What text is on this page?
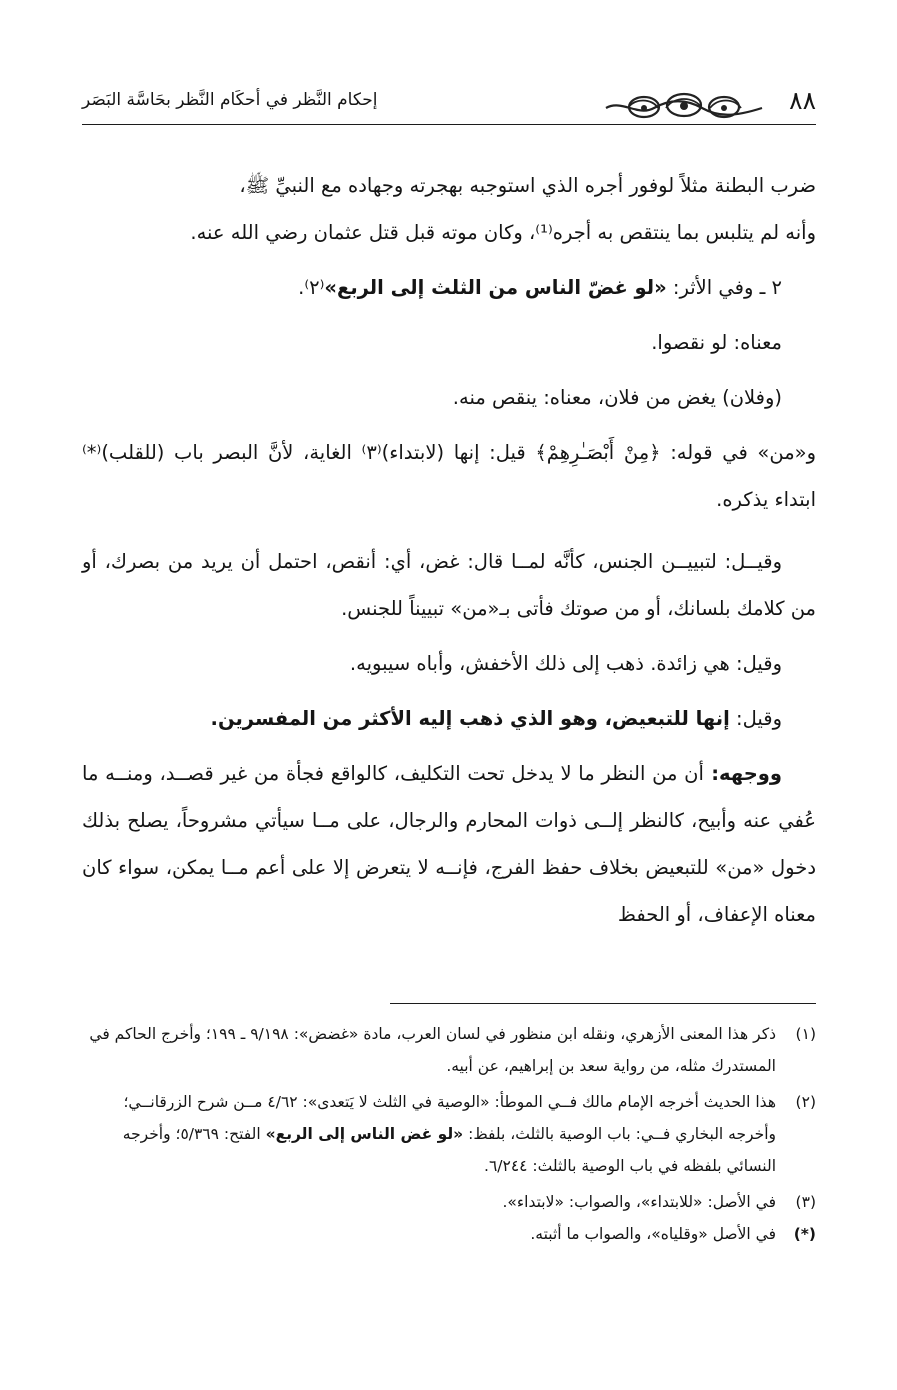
إحكام النَّظر في أحكَام النَّظر بحَاسَّة البَصَر	٨٨

ضرب البطنة مثلاً لوفور أجره الذي استوجبه بهجرته وجهاده مع النبيِّ ﷺ،
وأنه لم يتلبس بما ينتقص به أجره⁽¹⁾، وكان موته قبل قتل عثمان رضي الله عنه.

٢ ـ وفي الأثر: «لو غضّ الناس من الثلث إلى الربع»⁽٢⁾.

معناه: لو نقصوا.

(وفلان) يغض من فلان، معناه: ينقص منه.

و«من» في قوله: ﴿مِنْ أَبْصَـٰرِهِمْ﴾ قيل: إنها (لابتداء)⁽٣⁾ الغاية، لأنَّ البصر باب (للقلب)⁽*⁾ ابتداء يذكره.

وقيــل: لتبييــن الجنس، كأنَّه لمــا قال: غض، أي: أنقص، احتمل أن يريد من بصرك، أو من كلامك بلسانك، أو من صوتك فأتى بـ«من» تبييناً للجنس.

وقيل: هي زائدة. ذهب إلى ذلك الأخفش، وأباه سيبويه.

وقيل: إنها للتبعيض، وهو الذي ذهب إليه الأكثر من المفسرين.

ووجهه: أن من النظر ما لا يدخل تحت التكليف، كالواقع فجأة من غير قصــد، ومنــه ما عُفي عنه وأبيح، كالنظر إلــى ذوات المحارم والرجال، على مــا سيأتي مشروحاً، يصلح بذلك دخول «من» للتبعيض بخلاف حفظ الفرج، فإنــه لا يتعرض إلا على أعم مــا يمكن، سواء كان معناه الإعفاف، أو الحفظ

(١)
ذكر هذا المعنى الأزهري، ونقله ابن منظور في لسان العرب، مادة «غضض»: ٩/١٩٨ ـ ١٩٩؛ وأخرج الحاكم في المستدرك مثله، من رواية سعد بن إبراهيم، عن أبيه.

(٢)
هذا الحديث أخرجه الإمام مالك فــي الموطأ: «الوصية في الثلث لا يَتعدى»: ٤/٦٢ مــن شرح الزرقانــي؛ وأخرجه البخاري فــي: باب الوصية بالثلث، بلفظ: «لو غض الناس إلى الربع» الفتح: ٥/٣٦٩؛ وأخرجه النسائي بلفظه في باب الوصية بالثلث: ٦/٢٤٤.

(٣)
في الأصل: «للابتداء»، والصواب: «لابتداء».

(*)
في الأصل «وقلياه»، والصواب ما أثبته.
